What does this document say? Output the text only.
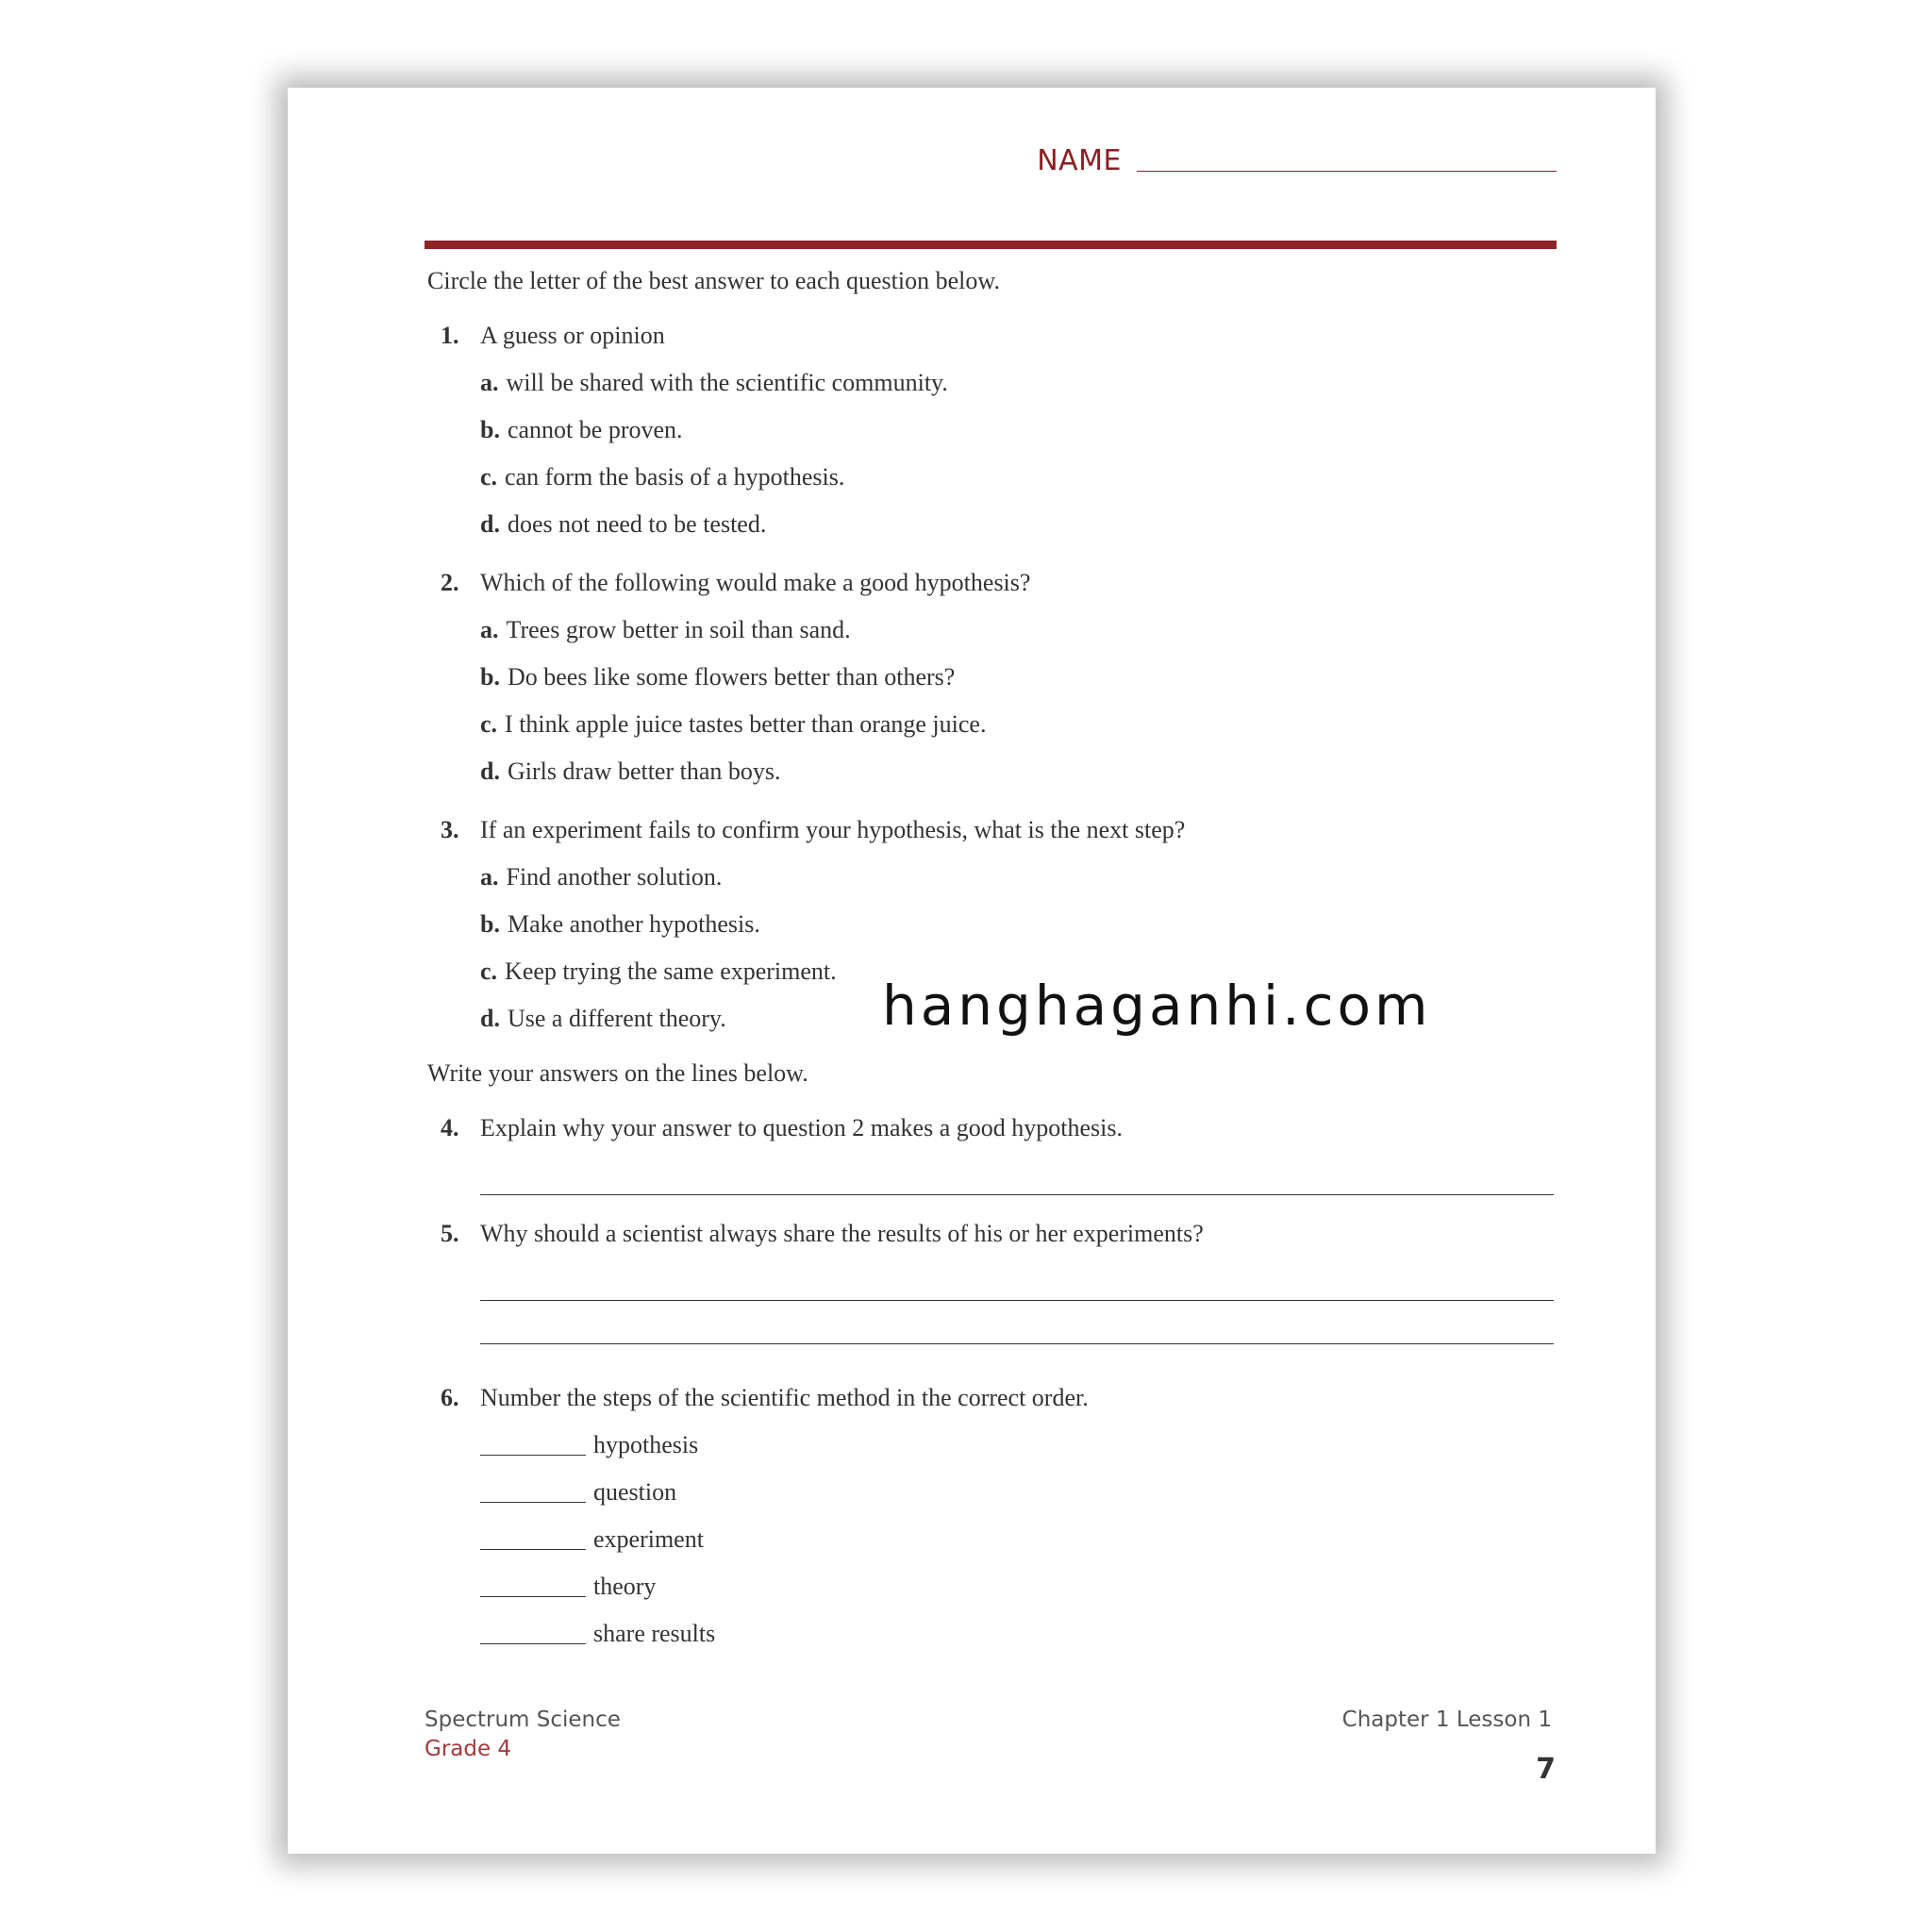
NAME
Circle the letter of the best answer to each question below.
1. A guess or opinion
a. will be shared with the scientific community.
b. cannot be proven.
c. can form the basis of a hypothesis.
d. does not need to be tested.
2. Which of the following would make a good hypothesis?
a. Trees grow better in soil than sand.
b. Do bees like some flowers better than others?
c. I think apple juice tastes better than orange juice.
d. Girls draw better than boys.
3. If an experiment fails to confirm your hypothesis, what is the next step?
a. Find another solution.
b. Make another hypothesis.
c. Keep trying the same experiment.
d. Use a different theory.
Write your answers on the lines below.
4. Explain why your answer to question 2 makes a good hypothesis.
5. Why should a scientist always share the results of his or her experiments?
6. Number the steps of the scientific method in the correct order.
hypothesis
question
experiment
theory
share results
Spectrum Science
Grade 4
Chapter 1 Lesson 1
7
hanghaganhi.com
